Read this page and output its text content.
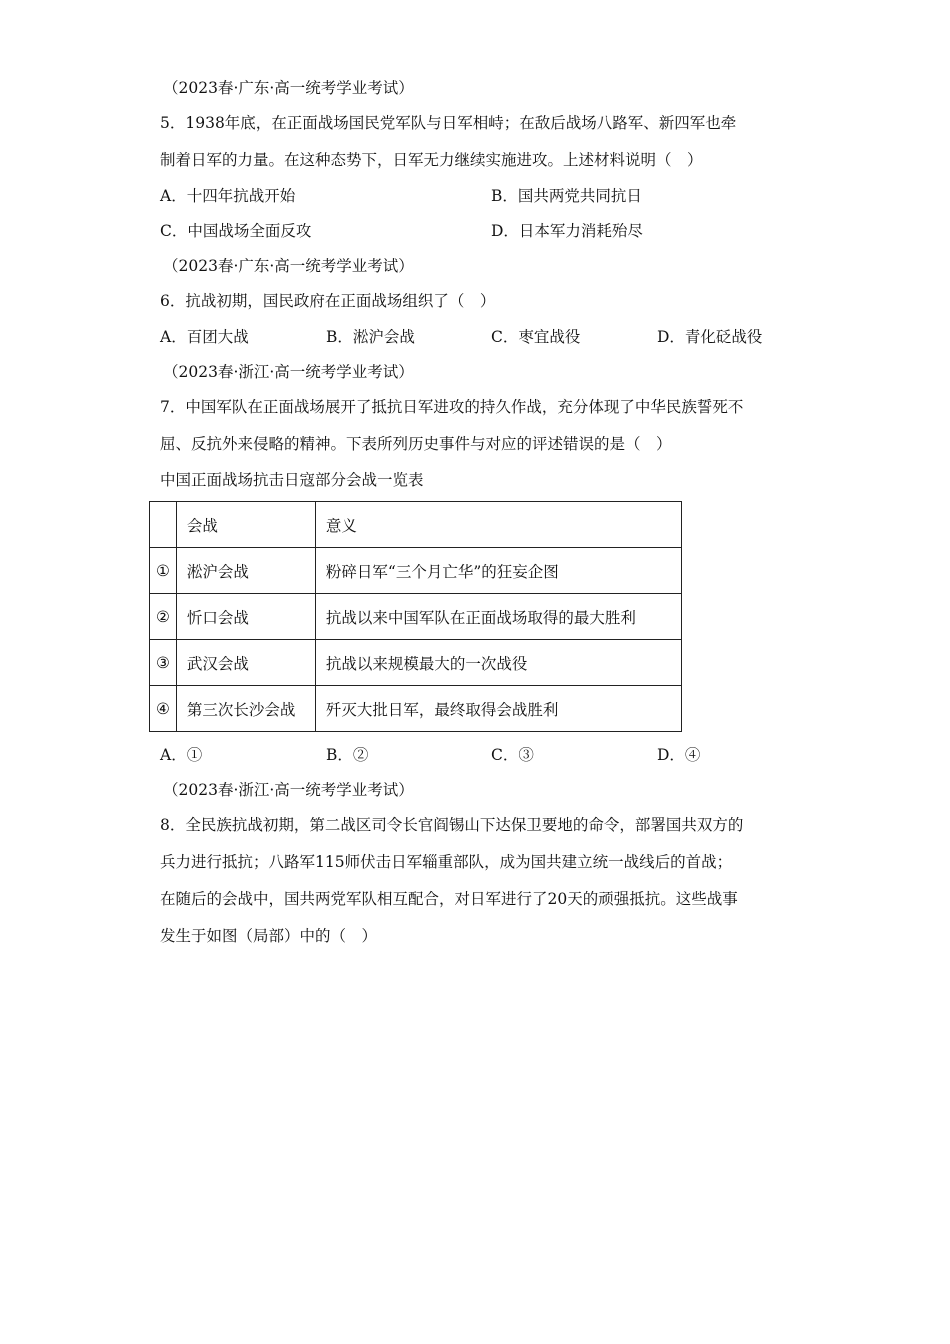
（2023春·广东·高一统考学业考试）
5．1938年底，在正面战场国民党军队与日军相峙；在敌后战场八路军、新四军也牵
制着日军的力量。在这种态势下，日军无力继续实施进攻。上述材料说明（　）
A．十四年抗战开始	B．国共两党共同抗日
C．中国战场全面反攻	D．日本军力消耗殆尽
（2023春·广东·高一统考学业考试）
6．抗战初期，国民政府在正面战场组织了（　）
A．百团大战	B．淞沪会战	C．枣宜战役	D．青化砭战役
（2023春·浙江·高一统考学业考试）
7．中国军队在正面战场展开了抵抗日军进攻的持久作战，充分体现了中华民族誓死不
屈、反抗外来侵略的精神。下表所列历史事件与对应的评述错误的是（　）
中国正面战场抗击日寇部分会战一览表
	会战	意义
①	淞沪会战	粉碎日军“三个月亡华”的狂妄企图
②	忻口会战	抗战以来中国军队在正面战场取得的最大胜利
③	武汉会战	抗战以来规模最大的一次战役
④	第三次长沙会战	歼灭大批日军，最终取得会战胜利
A．①	B．②	C．③	D．④
（2023春·浙江·高一统考学业考试）
8．全民族抗战初期，第二战区司令长官阎锡山下达保卫要地的命令，部署国共双方的
兵力进行抵抗；八路军115师伏击日军辎重部队，成为国共建立统一战线后的首战；
在随后的会战中，国共两党军队相互配合，对日军进行了20天的顽强抵抗。这些战事
发生于如图（局部）中的（　）
